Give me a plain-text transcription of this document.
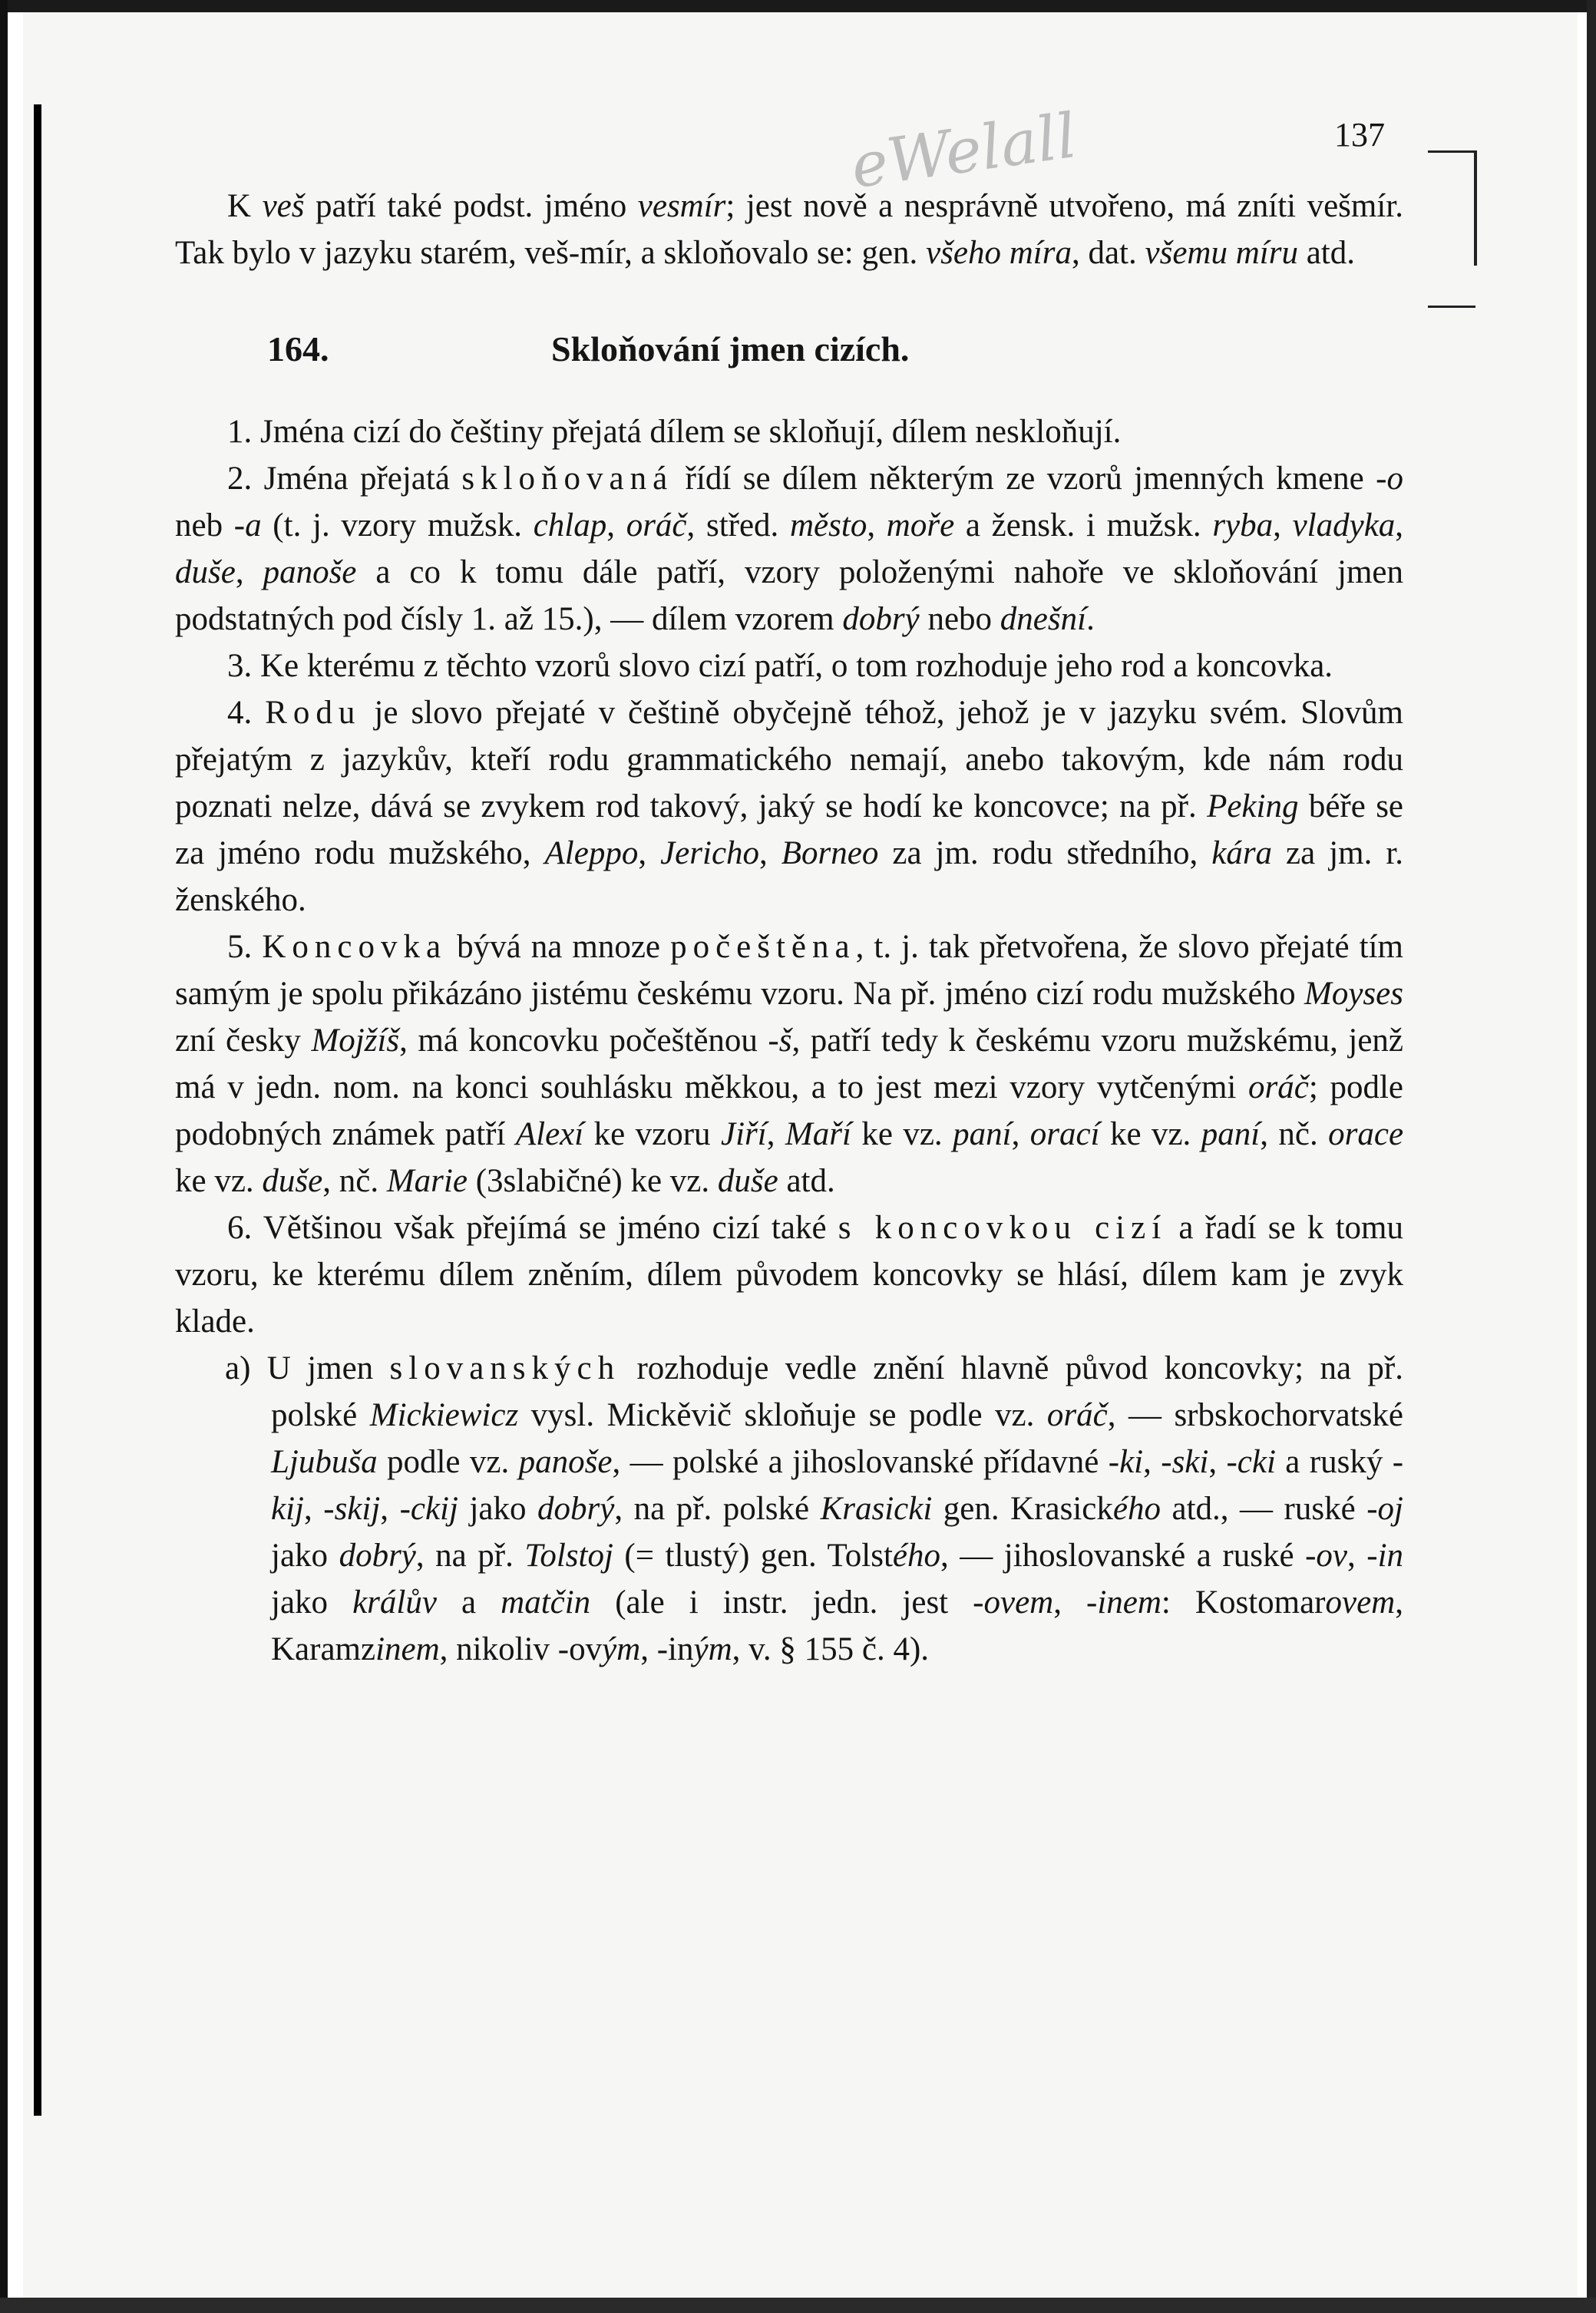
137
eWelall

K veš patří také podst. jméno vesmír; jest nově a nesprávně utvořeno, má zníti vešmír. Tak bylo v jazyku starém, veš-mír, a skloňovalo se: gen. všeho míra, dat. všemu míru atd.

164.	Skloňování jmen cizích.

1. Jména cizí do češtiny přejatá dílem se skloňují, dílem neskloňují.

2. Jména přejatá skloňovaná řídí se dílem některým ze vzorů jmenných kmene -o neb -a (t. j. vzory mužsk. chlap, oráč, střed. město, moře a žensk. i mužsk. ryba, vladyka, duše, panoše a co k tomu dále patří, vzory položenými nahoře ve skloňování jmen podstatných pod čísly 1. až 15.), — dílem vzorem dobrý nebo dnešní.

3. Ke kterému z těchto vzorů slovo cizí patří, o tom rozhoduje jeho rod a koncovka.

4. Rodu je slovo přejaté v češtině obyčejně téhož, jehož je v jazyku svém. Slovům přejatým z jazykův, kteří rodu grammatického nemají, anebo takovým, kde nám rodu poznati nelze, dává se zvykem rod takový, jaký se hodí ke koncovce; na př. Peking béře se za jméno rodu mužského, Aleppo, Jericho, Borneo za jm. rodu středního, kára za jm. r. ženského.

5. Koncovka bývá na mnoze počeštěna, t. j. tak přetvořena, že slovo přejaté tím samým je spolu přikázáno jistému českému vzoru. Na př. jméno cizí rodu mužského Moyses zní česky Mojžíš, má koncovku počeštěnou -š, patří tedy k českému vzoru mužskému, jenž má v jedn. nom. na konci souhlásku měkkou, a to jest mezi vzory vytčenými oráč; podle podobných známek patří Alexí ke vzoru Jiří, Maří ke vz. paní, orací ke vz. paní, nč. orace ke vz. duše, nč. Marie (3slabičné) ke vz. duše atd.

6. Většinou však přejímá se jméno cizí také s koncovkou cizí a řadí se k tomu vzoru, ke kterému dílem zněním, dílem původem koncovky se hlásí, dílem kam je zvyk klade.

a) U jmen slovanských rozhoduje vedle znění hlavně původ koncovky; na př. polské Mickiewicz vysl. Mickěvič skloňuje se podle vz. oráč, — srbskochorvatské Ljubuša podle vz. panoše, — polské a jihoslovanské přídavné -ki, -ski, -cki a ruský -kij, -skij, -ckij jako dobrý, na př. polské Krasicki gen. Krasického atd., — ruské -oj jako dobrý, na př. Tolstoj (= tlustý) gen. Tolstého, — jihoslovanské a ruské -ov, -in jako králův a matčin (ale i instr. jedn. jest -ovem, -inem: Kostomarovem, Karamzinem, nikoliv -ovým, -iným, v. § 155 č. 4).
